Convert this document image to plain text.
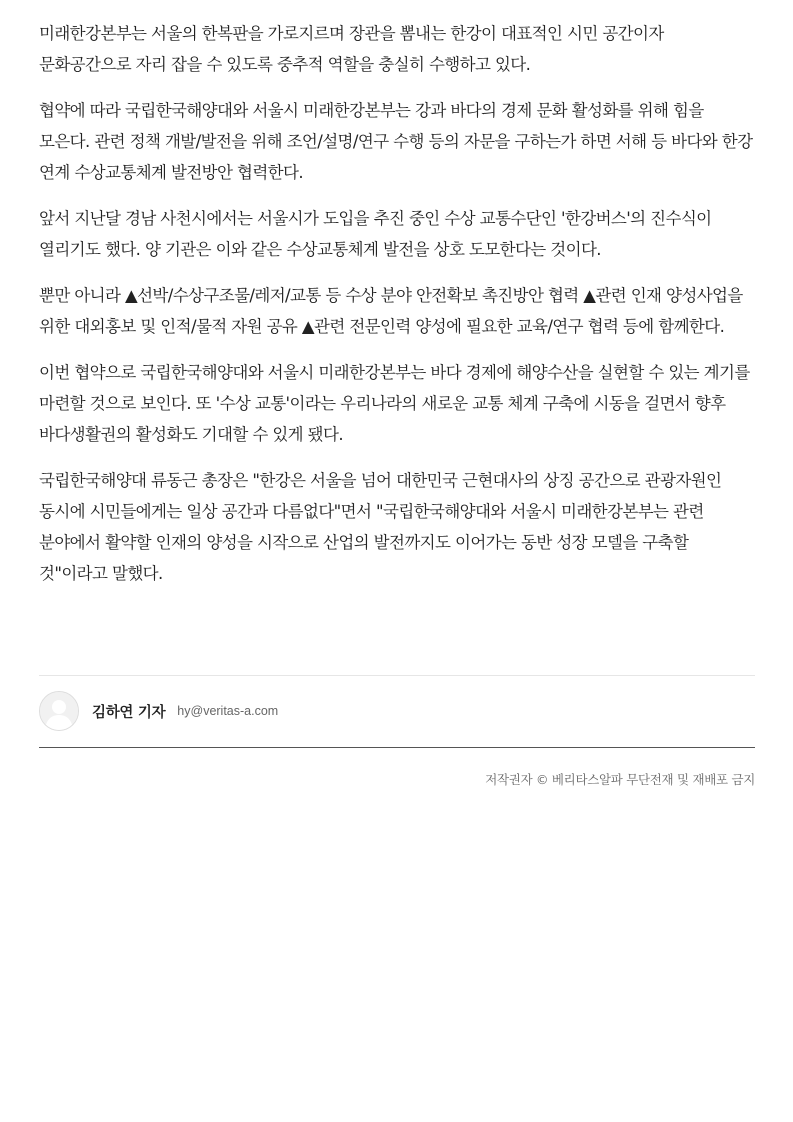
미래한강본부는 서울의 한복판을 가로지르며 장관을 뽐내는 한강이 대표적인 시민 공간이자 문화공간으로 자리 잡을 수 있도록 중추적 역할을 충실히 수행하고 있다.

협약에 따라 국립한국해양대와 서울시 미래한강본부는 강과 바다의 경제 문화 활성화를 위해 힘을 모은다. 관련 정책 개발/발전을 위해 조언/설명/연구 수행 등의 자문을 구하는가 하면 서해 등 바다와 한강 연계 수상교통체계 발전방안 협력한다.

앞서 지난달 경남 사천시에서는 서울시가 도입을 추진 중인 수상 교통수단인 '한강버스'의 진수식이 열리기도 했다. 양 기관은 이와 같은 수상교통체계 발전을 상호 도모한다는 것이다.

뿐만 아니라 ▲선박/수상구조물/레저/교통 등 수상 분야 안전확보 촉진방안 협력 ▲관련 인재 양성사업을 위한 대외홍보 및 인적/물적 자원 공유 ▲관련 전문인력 양성에 필요한 교육/연구 협력 등에 함께한다.

이번 협약으로 국립한국해양대와 서울시 미래한강본부는 바다 경제에 해양수산을 실현할 수 있는 계기를 마련할 것으로 보인다. 또 '수상 교통'이라는 우리나라의 새로운 교통 체계 구축에 시동을 걸면서 향후 바다생활권의 활성화도 기대할 수 있게 됐다.

국립한국해양대 류동근 총장은 "한강은 서울을 넘어 대한민국 근현대사의 상징 공간으로 관광자원인 동시에 시민들에게는 일상 공간과 다름없다"면서 "국립한국해양대와 서울시 미래한강본부는 관련 분야에서 활약할 인재의 양성을 시작으로 산업의 발전까지도 이어가는 동반 성장 모델을 구축할 것"이라고 말했다.

김하연 기자 hy@veritas-a.com
저작권자 © 베리타스알파 무단전재 및 재배포 금지
